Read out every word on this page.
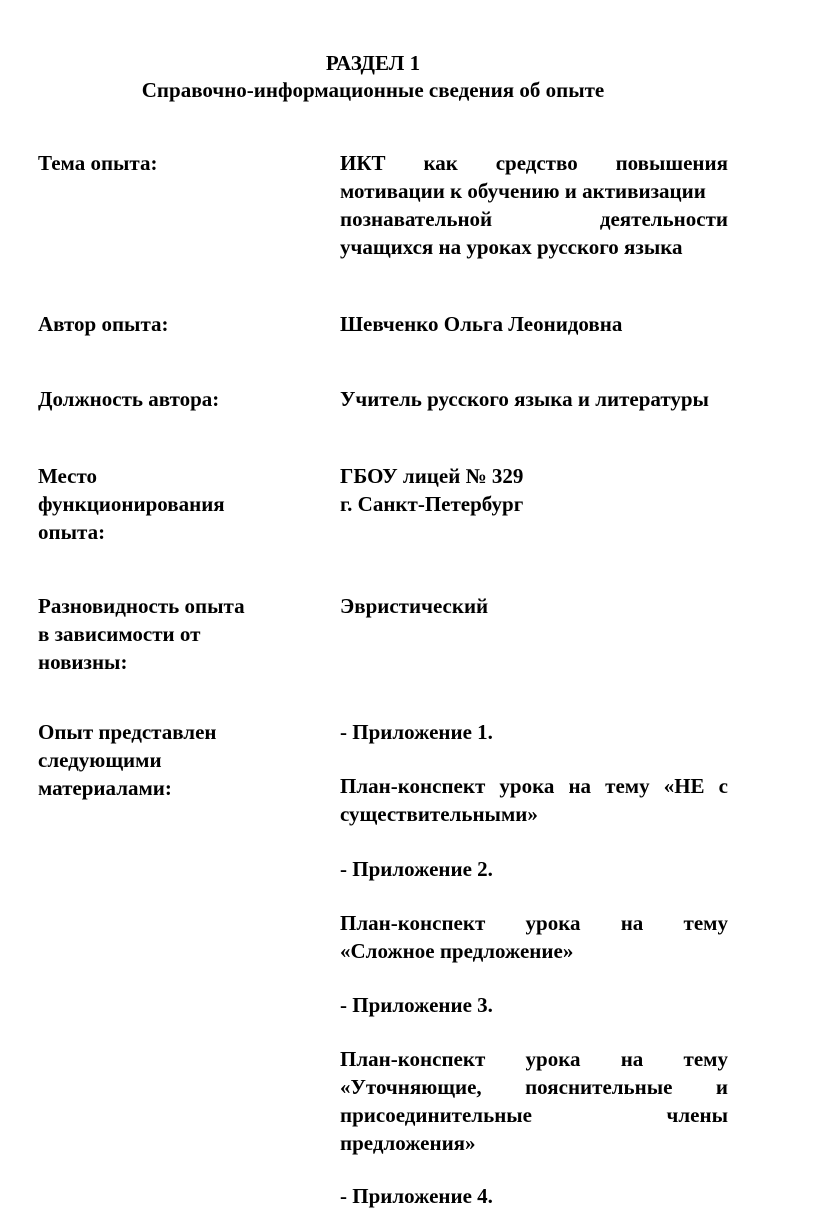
РАЗДЕЛ 1
Справочно-информационные сведения об опыте
Тема опыта:	ИКТ как средство повышения
мотивации к обучению и активизации
познавательной	деятельности
учащихся на уроках русского языка
Автор опыта:	Шевченко Ольга Леонидовна
Должность автора:	Учитель русского языка и литературы
Место
функционирования
опыта:
ГБОУ лицей № 329
г. Санкт-Петербург
Разновидность опыта
в зависимости от
новизны:
Эвристический
Опыт представлен
следующими
материалами:
- Приложение 1.
План-конспект урока на тему «НЕ с
существительными»
- Приложение 2.
План-конспект урока на тему
«Сложное предложение»
- Приложение 3.
План-конспект урока на тему
«Уточняющие, пояснительные и
присоединительные	члены
предложения»
- Приложение 4.
